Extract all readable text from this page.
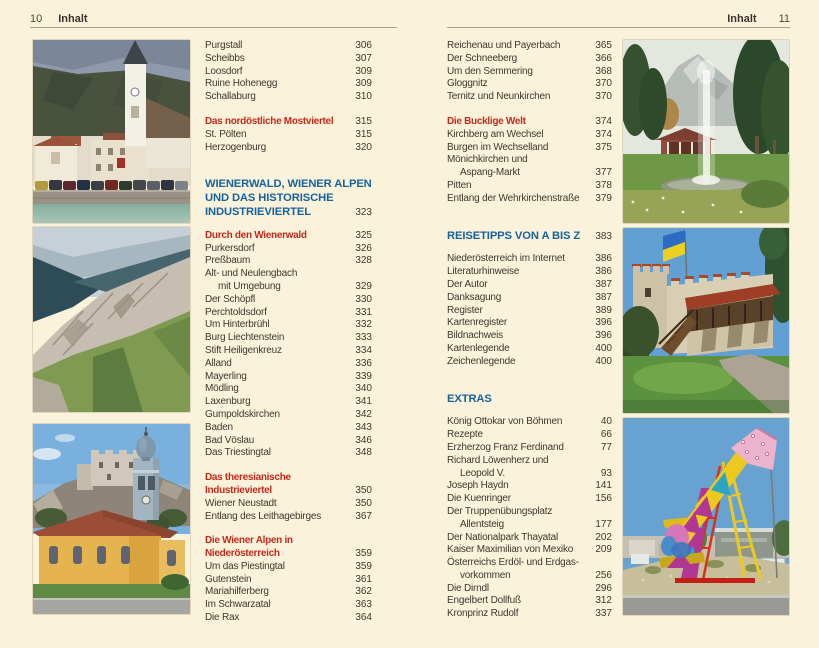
10 Inhalt	Inhalt 11
Purgstall	306
Scheibbs	307
Loosdorf	309
Ruine Hohenegg	309
Schallaburg	310
Das nordöstliche Mostviertel 315
St. Pölten	315
Herzogenburg	320
WIENERWALD, WIENER ALPEN
UND DAS HISTORISCHE
INDUSTRIEVIERTEL	323
Durch den Wienerwald	325
Purkersdorf	326
Preßbaum	328
Alt- und Neulengbach
mit Umgebung	329
Der Schöpfl	330
Perchtoldsdorf	331
Um Hinterbrühl	332
Burg Liechtenstein	333
Stift Heiligenkreuz	334
Alland	336
Mayerling	339
Mödling	340
Laxenburg	341
Gumpoldskirchen	342
Baden	343
Bad Vöslau	346
Das Triestingtal	348
Das theresianische
Industrieviertel	350
Wiener Neustadt	350
Entlang des Leithagebirges	367
Die Wiener Alpen in
Niederösterreich	359
Um das Piestingtal	359
Gutenstein	361
Mariahilferberg	362
Im Schwarzatal	363
Die Rax	364
Reichenau und Payerbach	365
Der Schneeberg	366
Um den Semmering	368
Gloggnitz	370
Ternitz und Neunkirchen	370
Die Bucklige Welt	374
Kirchberg am Wechsel	374
Burgen im Wechselland	375
Mönichkirchen und
Aspang-Markt	377
Pitten	378
Entlang der Wehrkirchenstraße 379
REISETIPPS VON A BIS Z 383
Niederösterreich im Internet	386
Literaturhinweise	386
Der Autor	387
Danksagung	387
Register	389
Kartenregister	396
Bildnachweis	396
Kartenlegende	400
Zeichenlegende	400
EXTRAS
König Ottokar von Böhmen	40
Rezepte	66
Erzherzog Franz Ferdinand	77
Richard Löwenherz und
Leopold V.	93
Joseph Haydn	141
Die Kuenringer	156
Der Truppenübungsplatz
Allentsteig	177
Der Nationalpark Thayatal	202
Kaiser Maximilian von Mexiko 209
Österreichs Erdöl- und Erdgas-
vorkommen	256
Die Dirndl	296
Engelbert Dollfuß	312
Kronprinz Rudolf	337
